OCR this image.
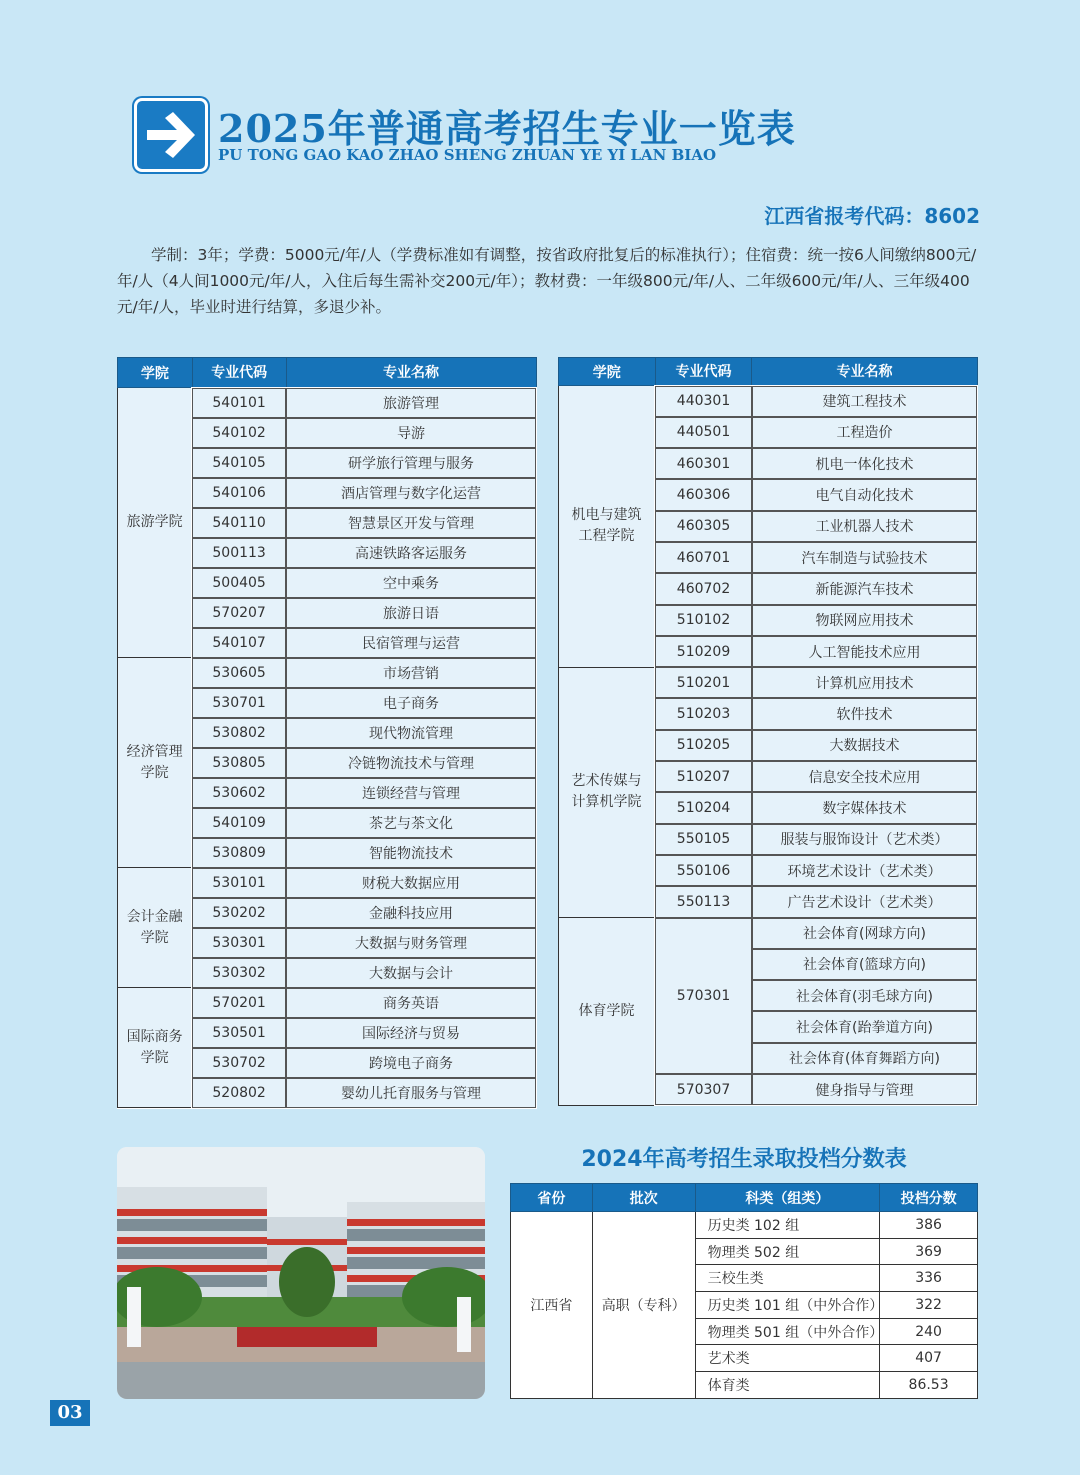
2025年普通高考招生专业一览表
PU TONG GAO KAO ZHAO SHENG ZHUAN YE YI LAN BIAO
江西省报考代码：8602
学制：3年；学费：5000元/年/人（学费标准如有调整，按省政府批复后的标准执行）；住宿费：统一按6人间缴纳800元/年/人（4人间1000元/年/人，入住后每生需补交200元/年）；教材费：一年级800元/年/人、二年级600元/年/人、三年级400元/年/人，毕业时进行结算，多退少补。
学院	专业代码	专业名称
旅游学院	540101	旅游管理
	540102	导游
	540105	研学旅行管理与服务
	540106	酒店管理与数字化运营
	540110	智慧景区开发与管理
	500113	高速铁路客运服务
	500405	空中乘务
	570207	旅游日语
	540107	民宿管理与运营
经济管理
学院	530605	市场营销
	530701	电子商务
	530802	现代物流管理
	530805	冷链物流技术与管理
	530602	连锁经营与管理
	540109	茶艺与茶文化
	530809	智能物流技术
会计金融
学院	530101	财税大数据应用
	530202	金融科技应用
	530301	大数据与财务管理
	530302	大数据与会计
国际商务
学院	570201	商务英语
	530501	国际经济与贸易
	530702	跨境电子商务
	520802	婴幼儿托育服务与管理
学院	专业代码	专业名称
机电与建筑
工程学院	440301	建筑工程技术
	440501	工程造价
	460301	机电一体化技术
	460306	电气自动化技术
	460305	工业机器人技术
	460701	汽车制造与试验技术
	460702	新能源汽车技术
	510102	物联网应用技术
	510209	人工智能技术应用
艺术传媒与
计算机学院	510201	计算机应用技术
	510203	软件技术
	510205	大数据技术
	510207	信息安全技术应用
	510204	数字媒体技术
	550105	服装与服饰设计（艺术类）
	550106	环境艺术设计（艺术类）
	550113	广告艺术设计（艺术类）
体育学院	570301	社会体育(网球方向)
		社会体育(篮球方向)
		社会体育(羽毛球方向)
		社会体育(跆拳道方向)
		社会体育(体育舞蹈方向)
	570307	健身指导与管理
2024年高考招生录取投档分数表
省份	批次	科类（组类）	投档分数
江西省	高职（专科）	历史类 102 组	386
		物理类 502 组	369
		三校生类	336
		历史类 101 组（中外合作）	322
		物理类 501 组（中外合作）	240
		艺术类	407
		体育类	86.53
03
